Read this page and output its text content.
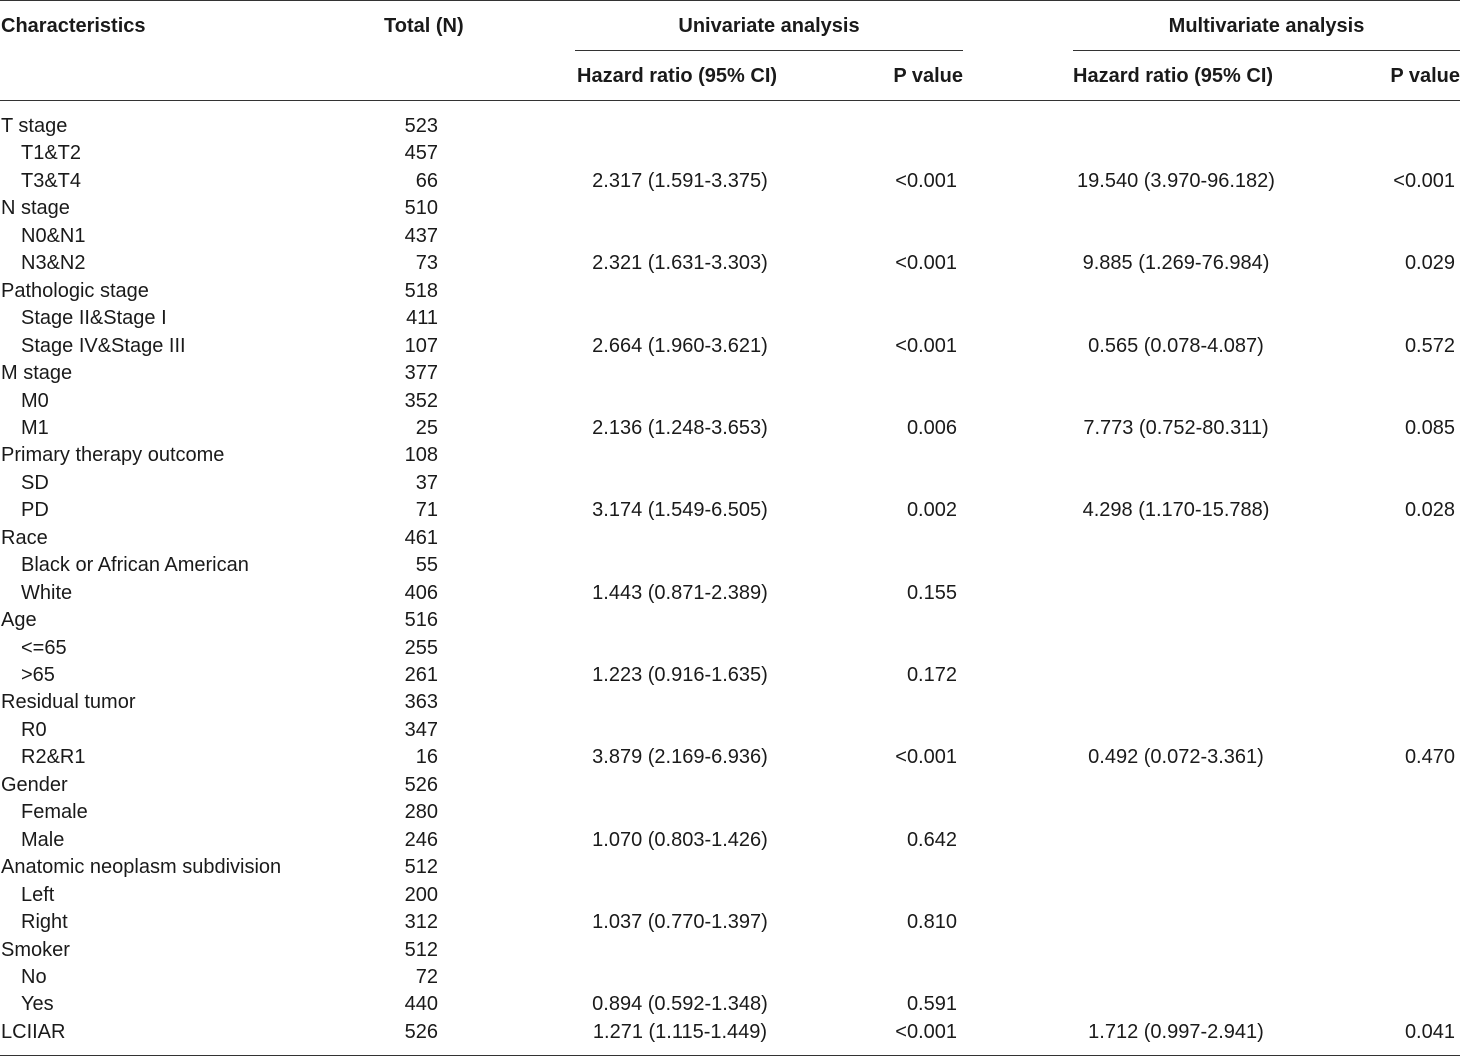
Characteristics	Total (N)	Univariate analysis	Multivariate analysis
Hazard ratio (95% CI)	P value	Hazard ratio (95% CI)	P value
T stage	523
T1&T2	457
T3&T4	66	2.317 (1.591-3.375)	<0.001	19.540 (3.970-96.182)	<0.001
N stage	510
N0&N1	437
N3&N2	73	2.321 (1.631-3.303)	<0.001	9.885 (1.269-76.984)	0.029
Pathologic stage	518
Stage II&Stage I	411
Stage IV&Stage III	107	2.664 (1.960-3.621)	<0.001	0.565 (0.078-4.087)	0.572
M stage	377
M0	352
M1	25	2.136 (1.248-3.653)	0.006	7.773 (0.752-80.311)	0.085
Primary therapy outcome	108
SD	37
PD	71	3.174 (1.549-6.505)	0.002	4.298 (1.170-15.788)	0.028
Race	461
Black or African American	55
White	406	1.443 (0.871-2.389)	0.155
Age	516
<=65	255
>65	261	1.223 (0.916-1.635)	0.172
Residual tumor	363
R0	347
R2&R1	16	3.879 (2.169-6.936)	<0.001	0.492 (0.072-3.361)	0.470
Gender	526
Female	280
Male	246	1.070 (0.803-1.426)	0.642
Anatomic neoplasm subdivision	512
Left	200
Right	312	1.037 (0.770-1.397)	0.810
Smoker	512
No	72
Yes	440	0.894 (0.592-1.348)	0.591
LCIIAR	526	1.271 (1.115-1.449)	<0.001	1.712 (0.997-2.941)	0.041
